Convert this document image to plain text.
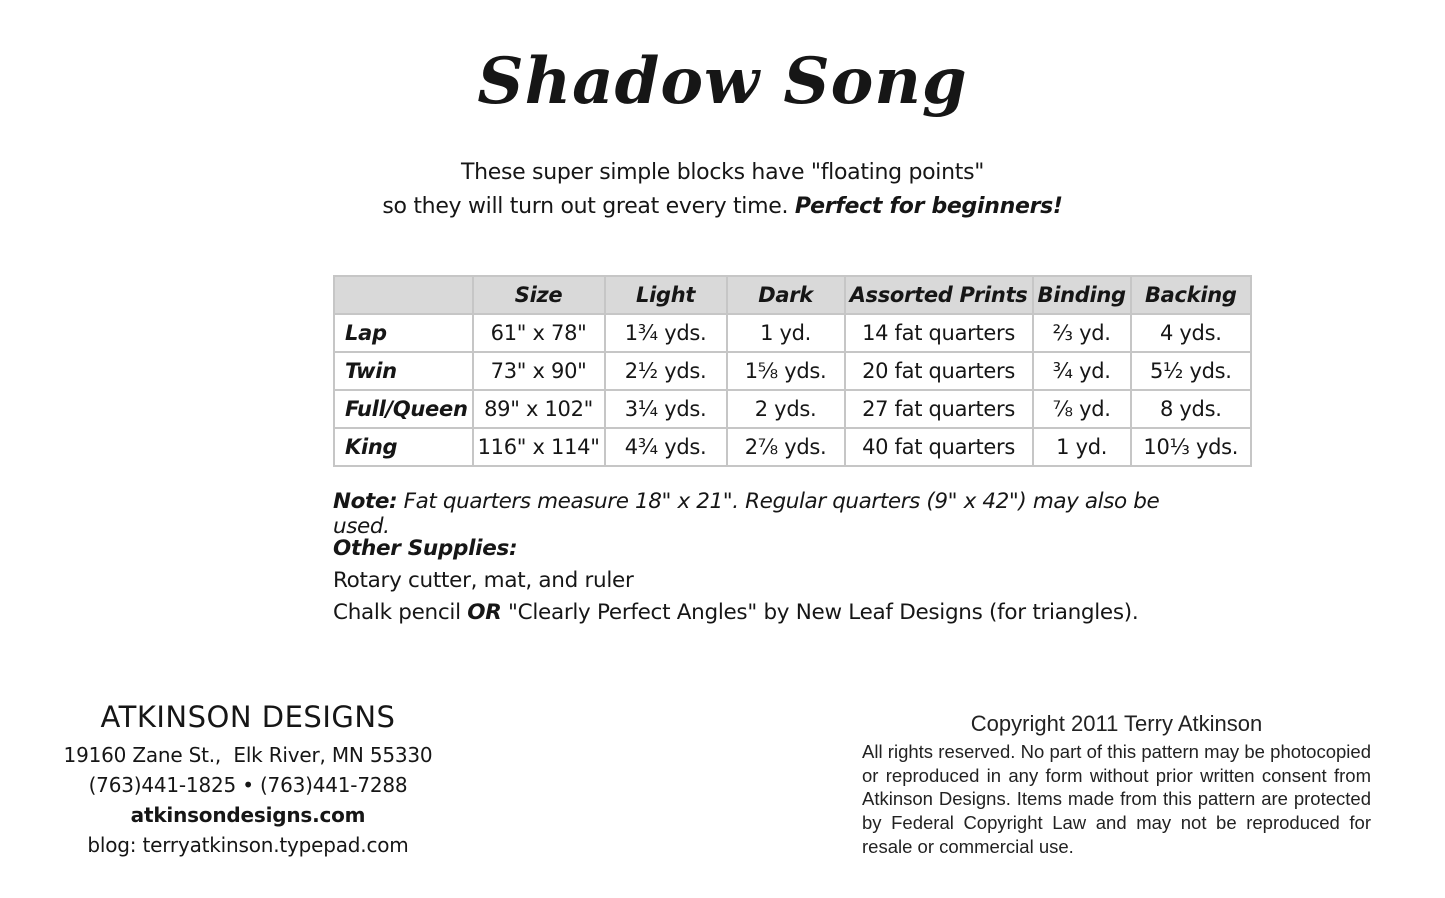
Shadow Song
These super simple blocks have "floating points"
so they will turn out great every time. Perfect for beginners!
	Size	Light	Dark	Assorted Prints	Binding	Backing
Lap	61" x 78"	1¾ yds.	1 yd.	14 fat quarters	⅔ yd.	4 yds.
Twin	73" x 90"	2½ yds.	1⅝ yds.	20 fat quarters	¾ yd.	5½ yds.
Full/Queen	89" x 102"	3¼ yds.	2 yds.	27 fat quarters	⅞ yd.	8 yds.
King	116" x 114"	4¾ yds.	2⅞ yds.	40 fat quarters	1 yd.	10⅓ yds.
Note: Fat quarters measure 18" x 21". Regular quarters (9" x 42") may also be used.
Other Supplies:
Rotary cutter, mat, and ruler
Chalk pencil OR "Clearly Perfect Angles" by New Leaf Designs (for triangles).
ATKINSON DESIGNS
19160 Zane St.,  Elk River, MN 55330
(763)441-1825 • (763)441-7288
atkinsondesigns.com
blog: terryatkinson.typepad.com
Copyright 2011 Terry Atkinson
All rights reserved. No part of this pattern may be photocopied or reproduced in any form without prior written consent from Atkinson Designs. Items made from this pattern are protected by Federal Copyright Law and may not be reproduced for resale or commercial use.
